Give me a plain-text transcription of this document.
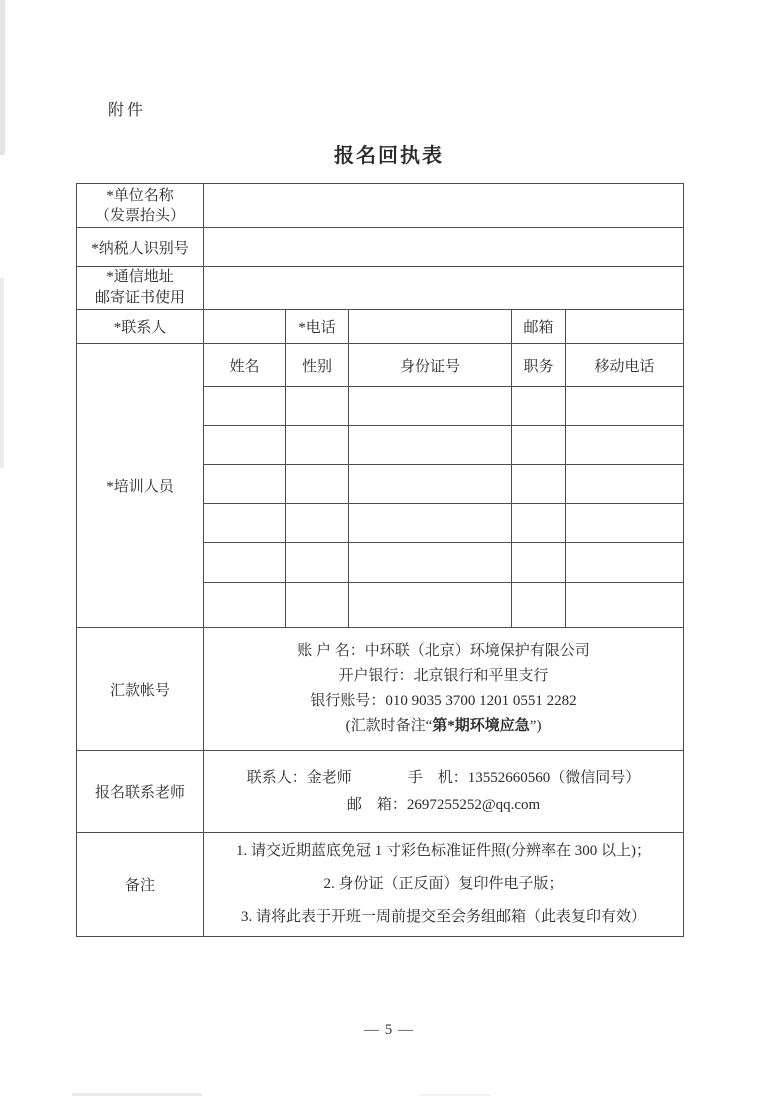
附件
报名回执表
*单位名称
（发票抬头）					

*纳税人识别号					

*通信地址
邮寄证书使用					

*联系人		*电话		邮箱	
*培训人员	姓名	性别	身份证号	职务	移动电话

汇款帐号	账 户 名：中环联（北京）环境保护有限公司
开户银行：北京银行和平里支行
银行账号：010 9035 3700 1201 0551 2282
(汇款时备注“第*期环境应急”)				

报名联系老师	联系人：金老师 手　机：13552660560（微信同号）
邮　箱：2697255252@qq.com				

备注	1. 请交近期蓝底免冠 1 寸彩色标准证件照(分辨率在 300 以上)；
2. 身份证（正反面）复印件电子版；
3. 请将此表于开班一周前提交至会务组邮箱（此表复印有效）				
— 5 —
